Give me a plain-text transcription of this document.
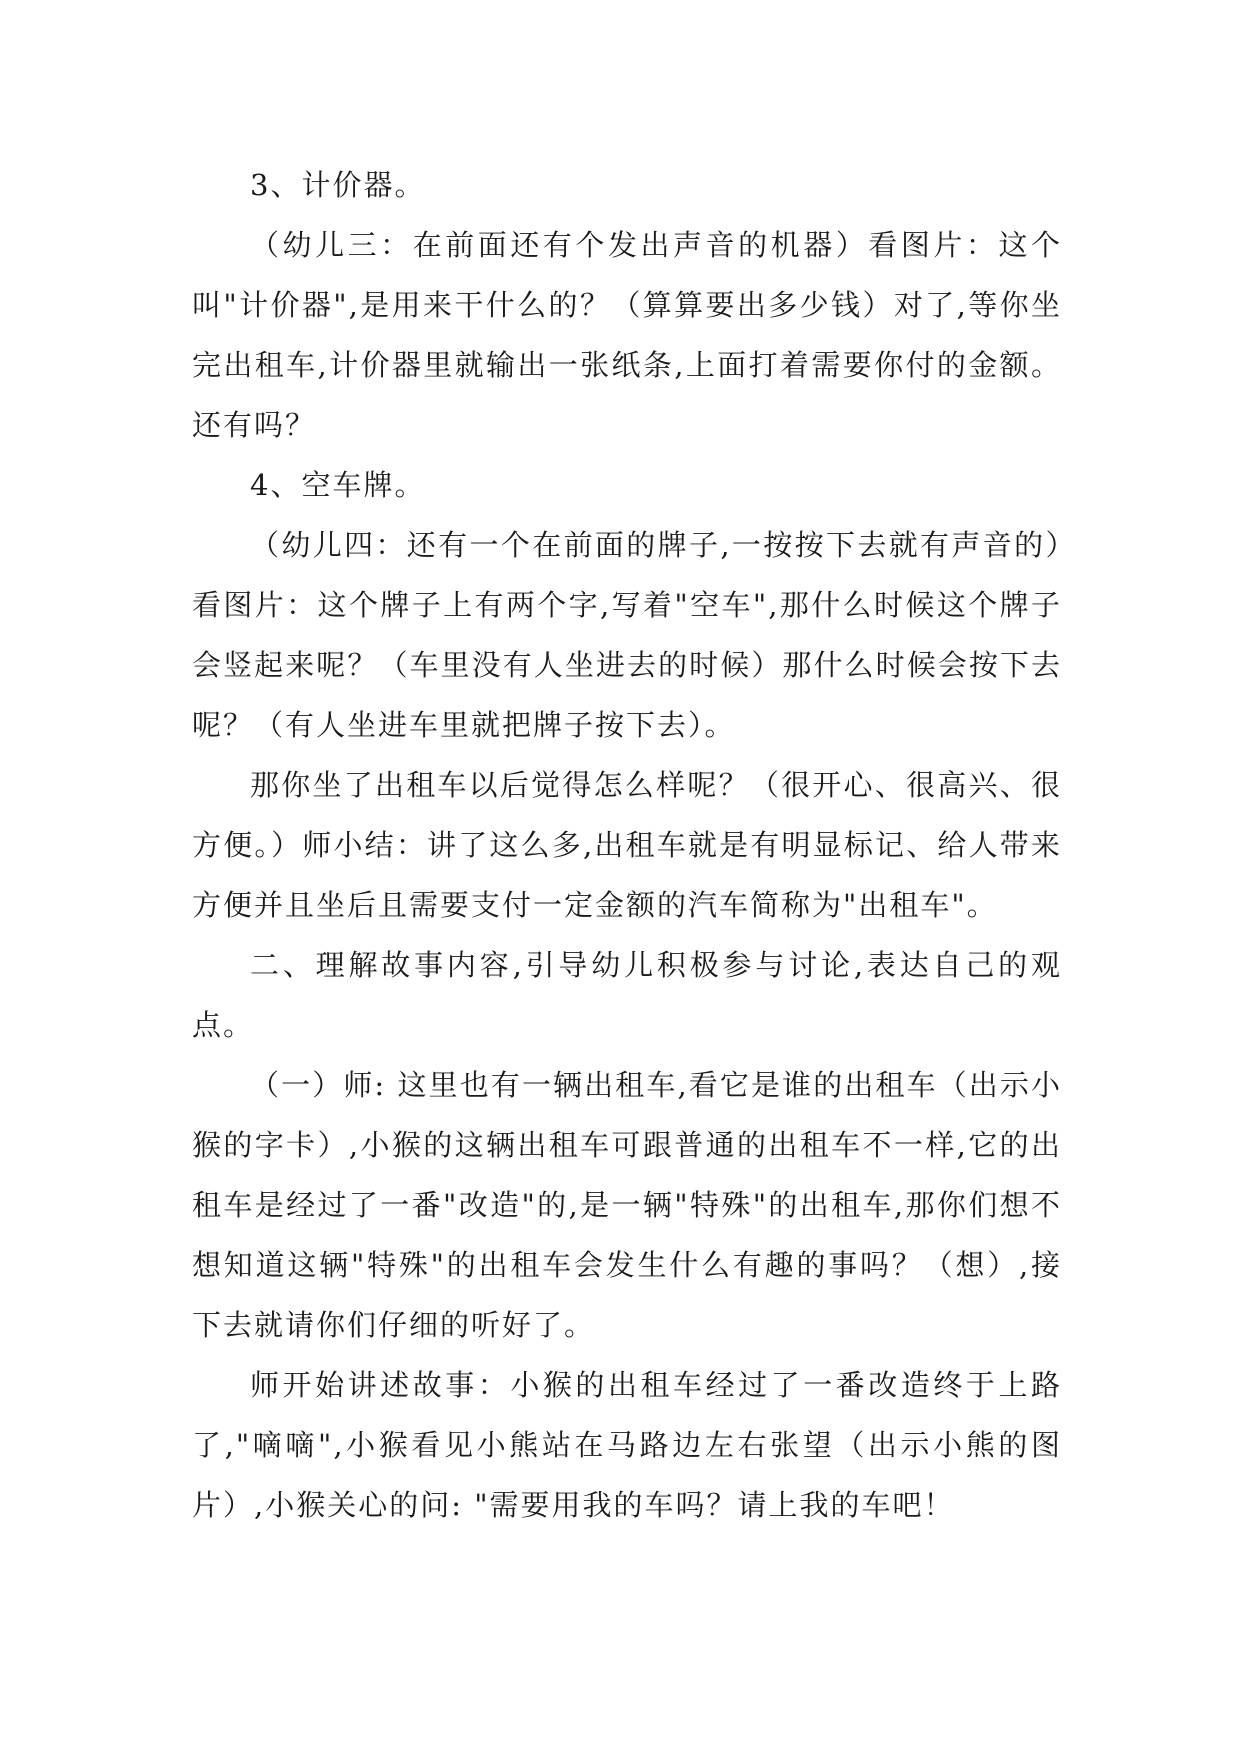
3、计价器。

（幼儿三：在前面还有个发出声音的机器）看图片：这个叫"计价器",是用来干什么的？（算算要出多少钱）对了,等你坐完出租车,计价器里就输出一张纸条,上面打着需要你付的金额。还有吗？

4、空车牌。

（幼儿四：还有一个在前面的牌子,一按按下去就有声音的）看图片：这个牌子上有两个字,写着"空车",那什么时候这个牌子会竖起来呢？（车里没有人坐进去的时候）那什么时候会按下去呢？（有人坐进车里就把牌子按下去）。

那你坐了出租车以后觉得怎么样呢？（很开心、很高兴、很方便。）师小结：讲了这么多,出租车就是有明显标记、给人带来方便并且坐后且需要支付一定金额的汽车简称为"出租车"。

二、理解故事内容,引导幼儿积极参与讨论,表达自己的观点。

（一）师: 这里也有一辆出租车,看它是谁的出租车（出示小猴的字卡）,小猴的这辆出租车可跟普通的出租车不一样,它的出租车是经过了一番"改造"的,是一辆"特殊"的出租车,那你们想不想知道这辆"特殊"的出租车会发生什么有趣的事吗？（想）,接下去就请你们仔细的听好了。

师开始讲述故事：小猴的出租车经过了一番改造终于上路了,"嘀嘀",小猴看见小熊站在马路边左右张望（出示小熊的图片）,小猴关心的问: "需要用我的车吗？请上我的车吧！
